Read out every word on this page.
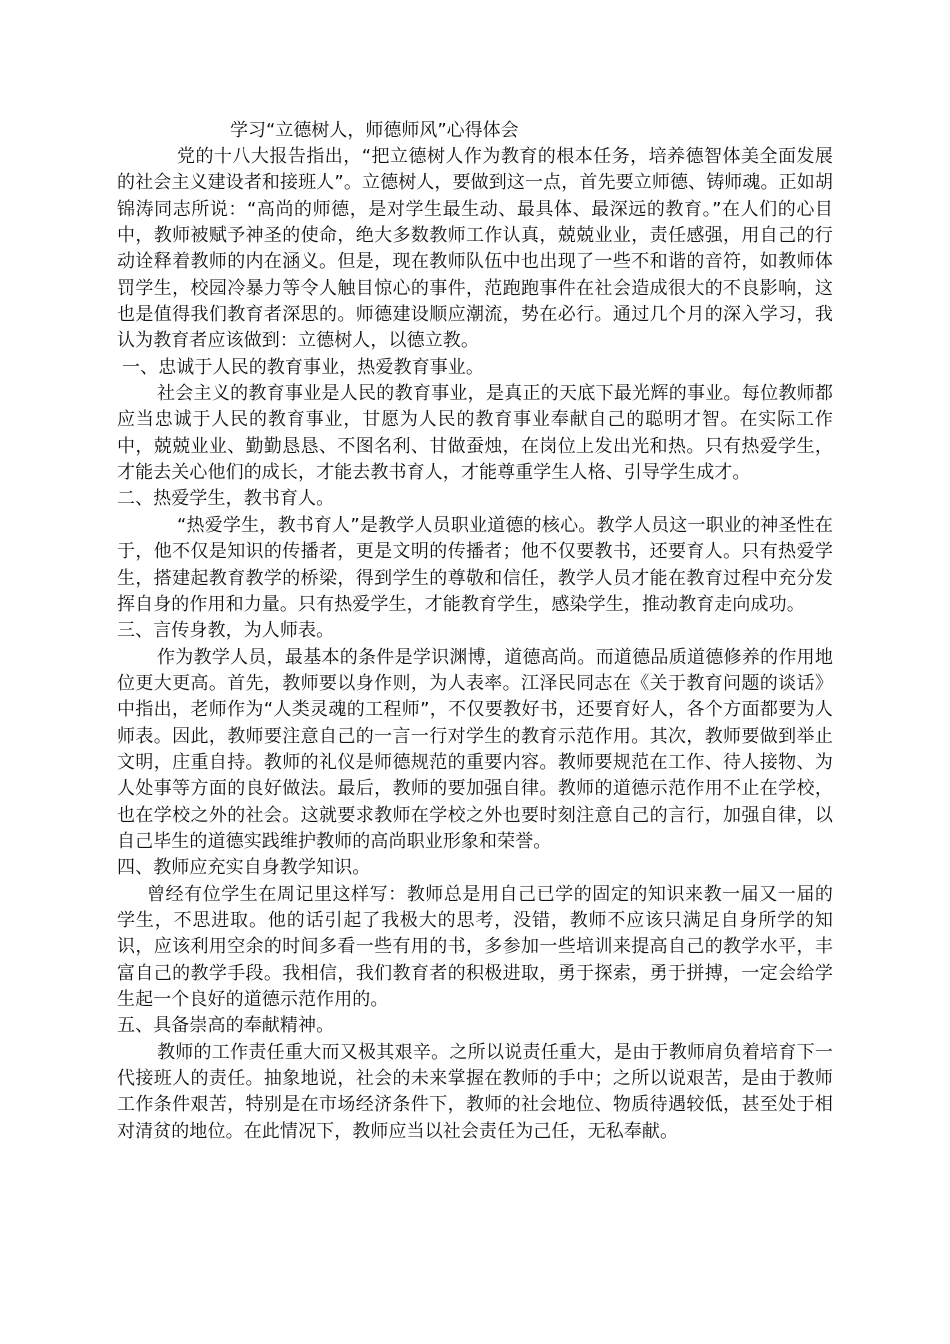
学习“立德树人，师德师风”心得体会

党的十八大报告指出，“把立德树人作为教育的根本任务，培养德智体美全面发展的社会主义建设者和接班人”。立德树人，要做到这一点，首先要立师德、铸师魂。正如胡锦涛同志所说：“高尚的师德，是对学生最生动、最具体、最深远的教育。”在人们的心目中，教师被赋予神圣的使命，绝大多数教师工作认真，兢兢业业，责任感强，用自己的行动诠释着教师的内在涵义。但是，现在教师队伍中也出现了一些不和谐的音符，如教师体罚学生，校园冷暴力等令人触目惊心的事件，范跑跑事件在社会造成很大的不良影响，这也是值得我们教育者深思的。师德建设顺应潮流，势在必行。通过几个月的深入学习，我认为教育者应该做到：立德树人，以德立教。

一、忠诚于人民的教育事业，热爱教育事业。

社会主义的教育事业是人民的教育事业，是真正的天底下最光辉的事业。每位教师都应当忠诚于人民的教育事业，甘愿为人民的教育事业奉献自己的聪明才智。在实际工作中，兢兢业业、勤勤恳恳、不图名利、甘做蚕烛，在岗位上发出光和热。只有热爱学生，才能去关心他们的成长，才能去教书育人，才能尊重学生人格、引导学生成才。

二、热爱学生，教书育人。

“热爱学生，教书育人”是教学人员职业道德的核心。教学人员这一职业的神圣性在于，他不仅是知识的传播者，更是文明的传播者；他不仅要教书，还要育人。只有热爱学生，搭建起教育教学的桥梁，得到学生的尊敬和信任，教学人员才能在教育过程中充分发挥自身的作用和力量。只有热爱学生，才能教育学生，感染学生，推动教育走向成功。

三、言传身教，为人师表。

作为教学人员，最基本的条件是学识渊博，道德高尚。而道德品质道德修养的作用地位更大更高。首先，教师要以身作则，为人表率。江泽民同志在《关于教育问题的谈话》中指出，老师作为“人类灵魂的工程师”，不仅要教好书，还要育好人，各个方面都要为人师表。因此，教师要注意自己的一言一行对学生的教育示范作用。其次，教师要做到举止文明，庄重自持。教师的礼仪是师德规范的重要内容。教师要规范在工作、待人接物、为人处事等方面的良好做法。最后，教师的要加强自律。教师的道德示范作用不止在学校，也在学校之外的社会。这就要求教师在学校之外也要时刻注意自己的言行，加强自律，以自己毕生的道德实践维护教师的高尚职业形象和荣誉。

四、教师应充实自身教学知识。

曾经有位学生在周记里这样写：教师总是用自己已学的固定的知识来教一届又一届的学生，不思进取。他的话引起了我极大的思考，没错，教师不应该只满足自身所学的知识，应该利用空余的时间多看一些有用的书，多参加一些培训来提高自己的教学水平，丰富自己的教学手段。我相信，我们教育者的积极进取，勇于探索，勇于拼搏，一定会给学生起一个良好的道德示范作用的。

五、具备崇高的奉献精神。

教师的工作责任重大而又极其艰辛。之所以说责任重大，是由于教师肩负着培育下一代接班人的责任。抽象地说，社会的未来掌握在教师的手中；之所以说艰苦，是由于教师工作条件艰苦，特别是在市场经济条件下，教师的社会地位、物质待遇较低，甚至处于相对清贫的地位。在此情况下，教师应当以社会责任为己任，无私奉献。
